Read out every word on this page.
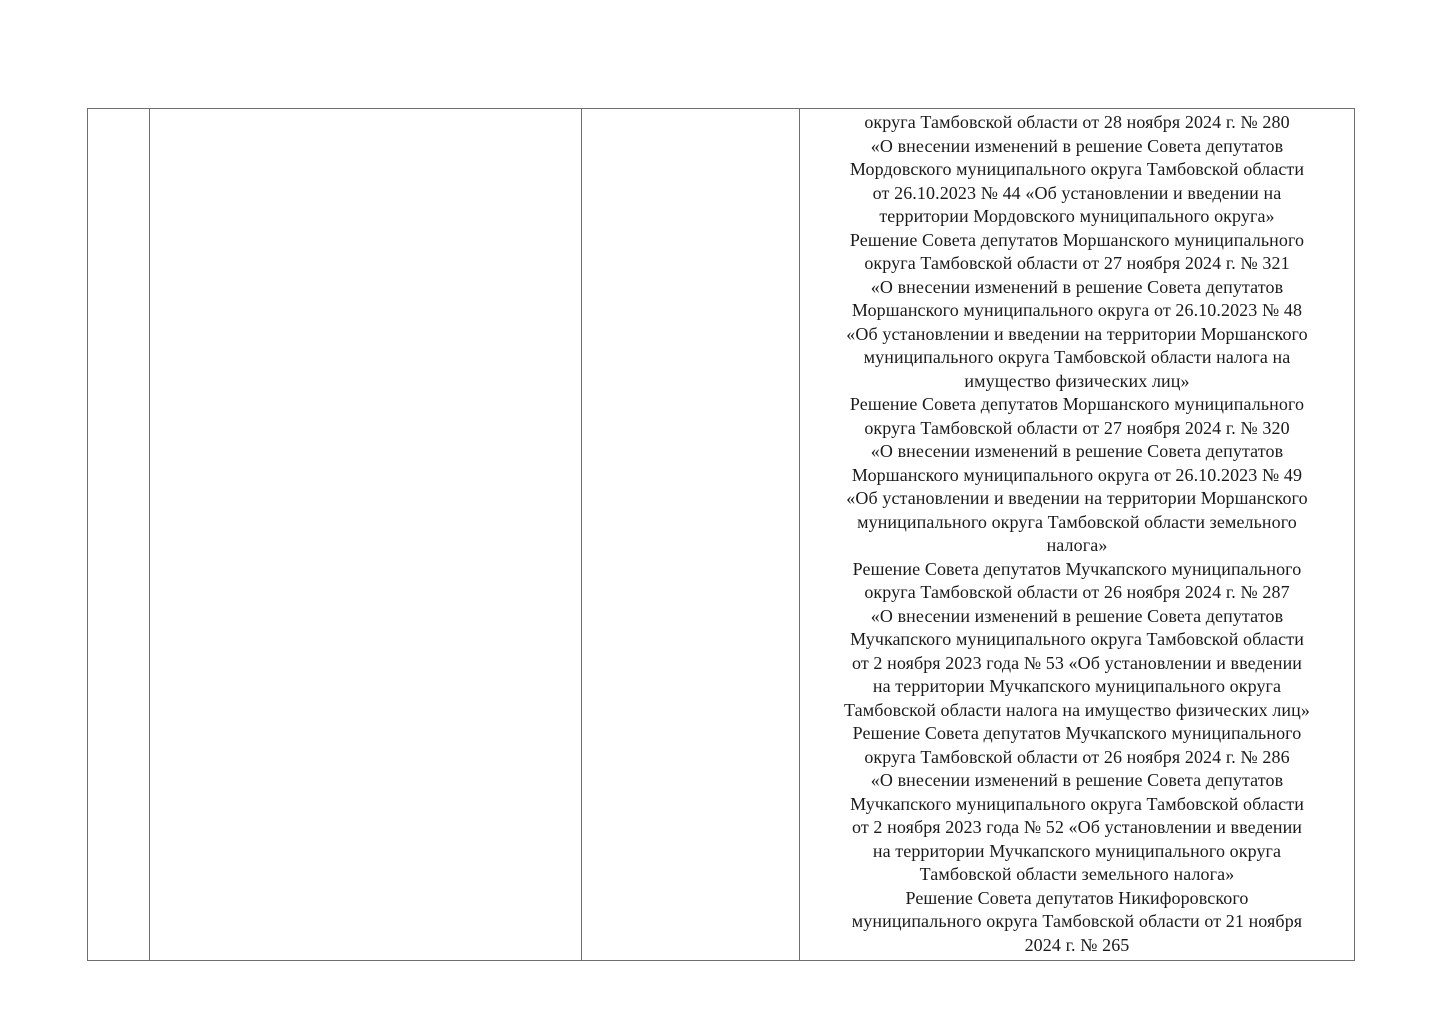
округа Тамбовской области от 28 ноября 2024 г. № 280
«О внесении изменений в решение Совета депутатов
Мордовского муниципального округа Тамбовской области
от 26.10.2023 № 44 «Об установлении и введении на
территории Мордовского муниципального округа»
Решение Совета депутатов Моршанского муниципального
округа Тамбовской области от 27 ноября 2024 г. № 321
«О внесении изменений в решение Совета депутатов
Моршанского муниципального округа от 26.10.2023 № 48
«Об установлении и введении на территории Моршанского
муниципального округа Тамбовской области налога на
имущество физических лиц»
Решение Совета депутатов Моршанского муниципального
округа Тамбовской области от 27 ноября 2024 г. № 320
«О внесении изменений в решение Совета депутатов
Моршанского муниципального округа от 26.10.2023 № 49
«Об установлении и введении на территории Моршанского
муниципального округа Тамбовской области земельного
налога»
Решение Совета депутатов Мучкапского муниципального
округа Тамбовской области от 26 ноября 2024 г. № 287
«О внесении изменений в решение Совета депутатов
Мучкапского муниципального округа Тамбовской области
от 2 ноября 2023 года № 53 «Об установлении и введении
на территории Мучкапского муниципального округа
Тамбовской области налога на имущество физических лиц»
Решение Совета депутатов Мучкапского муниципального
округа Тамбовской области от 26 ноября 2024 г. № 286
«О внесении изменений в решение Совета депутатов
Мучкапского муниципального округа Тамбовской области
от 2 ноября 2023 года № 52 «Об установлении и введении
на территории Мучкапского муниципального округа
Тамбовской области земельного налога»
Решение Совета депутатов Никифоровского
муниципального округа Тамбовской области от 21 ноября
2024 г. № 265
